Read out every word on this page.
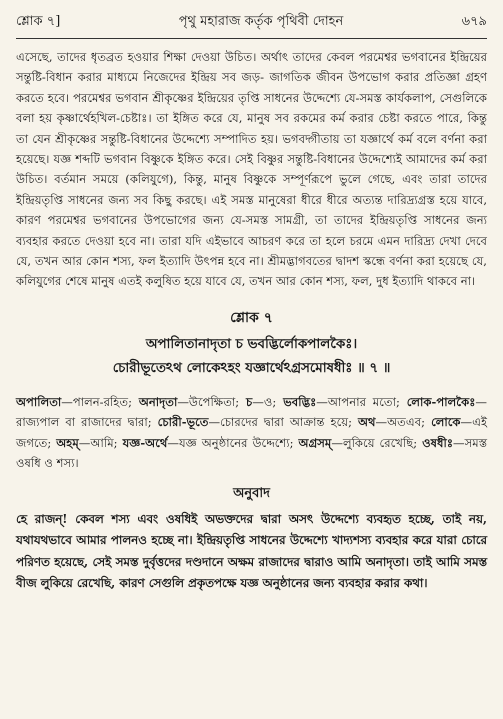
শ্লোক ৭]	পৃথু মহারাজ কর্তৃক পৃথিবী দোহন	৬৭৯
এসেছে, তাদের ধৃতব্রত হওয়ার শিক্ষা দেওয়া উচিত। অর্থাৎ তাদের কেবল পরমেশ্বর ভগবানের ইন্দ্রিয়ের সন্তুষ্টি-বিধান করার মাধ্যমে নিজেদের ইন্দ্রিয় সব জড়- জাগতিক জীবন উপভোগ করার প্রতিজ্ঞা গ্রহণ করতে হবে। পরমেশ্বর ভগবান শ্রীকৃষ্ণের ইন্দ্রিয়ের তৃপ্তি সাধনের উদ্দেশ্যে যে-সমস্ত কার্যকলাপ, সেগুলিকে বলা হয় কৃষ্ণার্থেহখিল-চেষ্টাঃ। তা ইঙ্গিত করে যে, মানুষ সব রকমের কর্ম করার চেষ্টা করতে পারে, কিন্তু তা যেন শ্রীকৃষ্ণের সন্তুষ্টি-বিধানের উদ্দেশ্যে সম্পাদিত হয়। ভগবদ্গীতায় তা যজ্ঞার্থে কর্ম বলে বর্ণনা করা হয়েছে। যজ্ঞ শব্দটি ভগবান বিষ্ণুকে ইঙ্গিত করে। সেই বিষ্ণুর সন্তুষ্টি-বিধানের উদ্দেশ্যেই আমাদের কর্ম করা উচিত। বর্তমান সময়ে (কলিযুগে), কিন্তু, মানুষ বিষ্ণুকে সম্পূর্ণরূপে ভুলে গেছে, এবং তারা তাদের ইন্দ্রিয়তৃপ্তি সাধনের জন্য সব কিছু করছে। এই সমস্ত মানুষেরা ধীরে ধীরে অত্যন্ত দারিদ্র্যগ্রস্ত হয়ে যাবে, কারণ পরমেশ্বর ভগবানের উপভোগের জন্য যে-সমস্ত সামগ্রী, তা তাদের ইন্দ্রিয়তৃপ্তি সাধনের জন্য ব্যবহার করতে দেওয়া হবে না। তারা যদি এইভাবে আচরণ করে তা হলে চরমে এমন দারিদ্র্য দেখা দেবে যে, তখন আর কোন শস্য, ফল ইত্যাদি উৎপন্ন হবে না। শ্রীমদ্ভাগবতের দ্বাদশ স্কন্ধে বর্ণনা করা হয়েছে যে, কলিযুগের শেষে মানুষ এতই কলুষিত হয়ে যাবে যে, তখন আর কোন শস্য, ফল, দুধ ইত্যাদি থাকবে না।
শ্লোক ৭
অপালিতানাদৃতা চ ভবদ্ভির্লোকপালকৈঃ।
চোরীভূতেঽথ লোকেঽহং যজ্ঞার্থেঽগ্রসমোষধীঃ ॥ ৭ ॥
অপালিতা—পালন-রহিত; অনাদৃতা—উপেক্ষিতা; চ—ও; ভবদ্ভিঃ—আপনার মতো; লোক-পালকৈঃ—রাজ্যপাল বা রাজাদের দ্বারা; চোরী-ভূতে—চোরদের দ্বারা আক্রান্ত হয়ে; অথ—অতএব; লোকে—এই জগতে; অহম্—আমি; যজ্ঞ-অর্থে—যজ্ঞ অনুষ্ঠানের উদ্দেশ্যে; অগ্রসম্—লুকিয়ে রেখেছি; ওষধীঃ—সমস্ত ওষধি ও শস্য।
অনুবাদ
হে রাজন্! কেবল শস্য এবং ওষধিই অভক্তদের দ্বারা অসৎ উদ্দেশ্যে ব্যবহৃত হচ্ছে, তাই নয়, যথাযথভাবে আমার পালনও হচ্ছে না। ইন্দ্রিয়তৃপ্তি সাধনের উদ্দেশ্যে খাদ্যশস্য ব্যবহার করে যারা চোরে পরিণত হয়েছে, সেই সমস্ত দুর্বৃত্তদের দণ্ডদানে অক্ষম রাজাদের দ্বারাও আমি অনাদৃতা। তাই আমি সমস্ত বীজ লুকিয়ে রেখেছি, কারণ সেগুলি প্রকৃতপক্ষে যজ্ঞ অনুষ্ঠানের জন্য ব্যবহার করার কথা।
